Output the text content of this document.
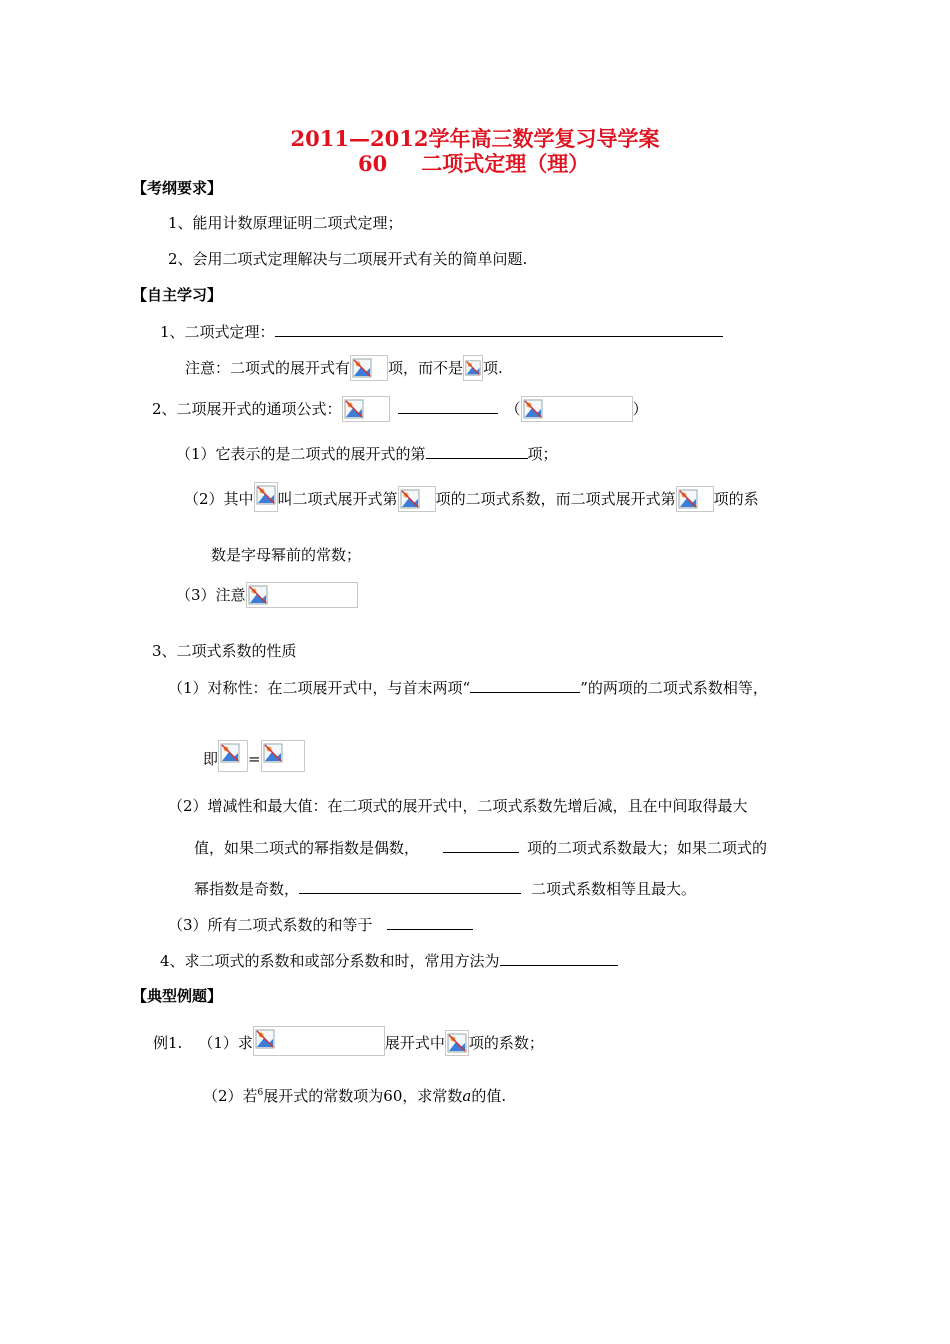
2011—2012学年高三数学复习导学案
60 二项式定理（理）
【考纲要求】
1、能用计数原理证明二项式定理；
2、会用二项式定理解决与二项展开式有关的简单问题.
【自主学习】
1、二项式定理：
注意：二项式的展开式有	项，而不是 项.
2、二项展开式的通项公式：	（	）
（1）它表示的是二项式的展开式的第	项；
（2）其中 叫二项式展开式第	项的二项式系数，而二项式展开式第	项的系
数是字母幂前的常数；
（3）注意
3、二项式系数的性质
（1）对称性：在二项展开式中，与首末两项“	”的两项的二项式系数相等，
即 =
（2）增减性和最大值：在二项式的展开式中，二项式系数先增后减，且在中间取得最大
值，如果二项式的幂指数是偶数，	项的二项式系数最大；如果二项式的
幂指数是奇数，	二项式系数相等且最大。
（3）所有二项式系数的和等于
4、求二项式的系数和或部分系数和时，常用方法为
【典型例题】
例1. （1）求	展开式中 项的系数；
（2）若$^6$展开式的常数项为60，求常数a的值.
